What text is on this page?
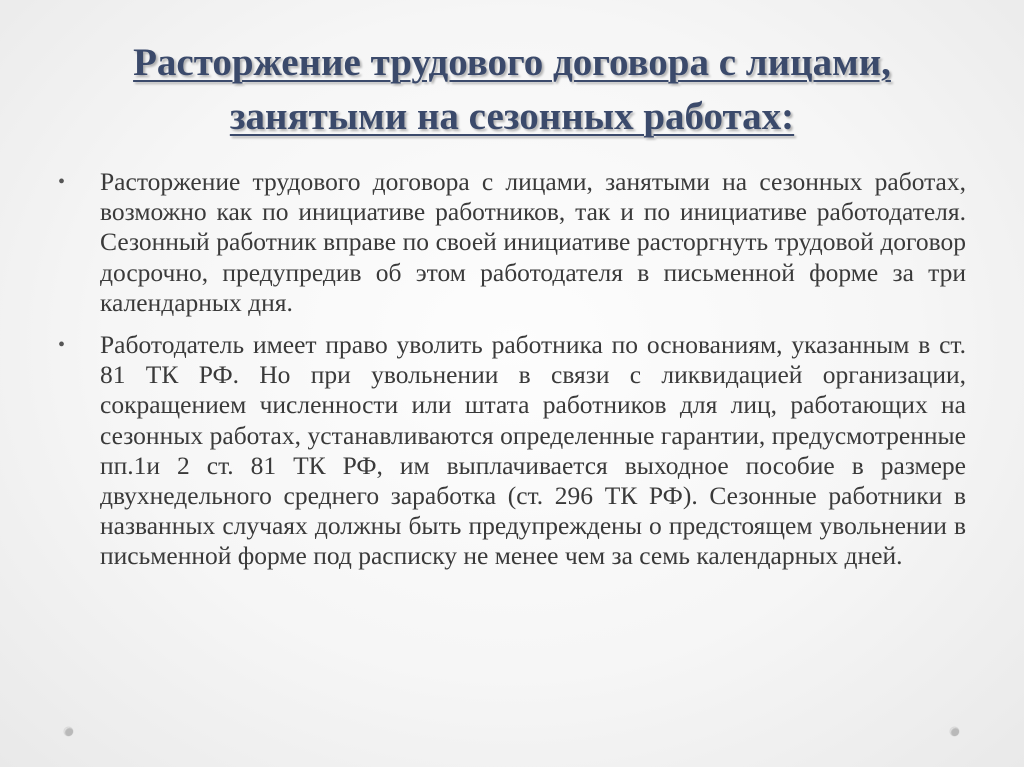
Расторжение трудового договора с лицами, занятыми на сезонных работах:
• Расторжение трудового договора с лицами, занятыми на сезонных работах, возможно как по инициативе работников, так и по инициативе работодателя. Сезонный работник вправе по своей инициативе расторгнуть трудовой договор досрочно, предупредив об этом работодателя в письменной форме за три календарных дня.
• Работодатель имеет право уволить работника по основаниям, указанным в ст. 81 ТК РФ. Но при увольнении в связи с ликвидацией организации, сокращением численности или штата работников для лиц, работающих на сезонных работах, устанавливаются определенные гарантии, предусмотренные пп.1и 2 ст. 81 ТК РФ, им выплачивается выходное пособие в размере двухнедельного среднего заработка (ст. 296 ТК РФ). Сезонные работники в названных случаях должны быть предупреждены о предстоящем увольнении в письменной форме под расписку не менее чем за семь календарных дней.
